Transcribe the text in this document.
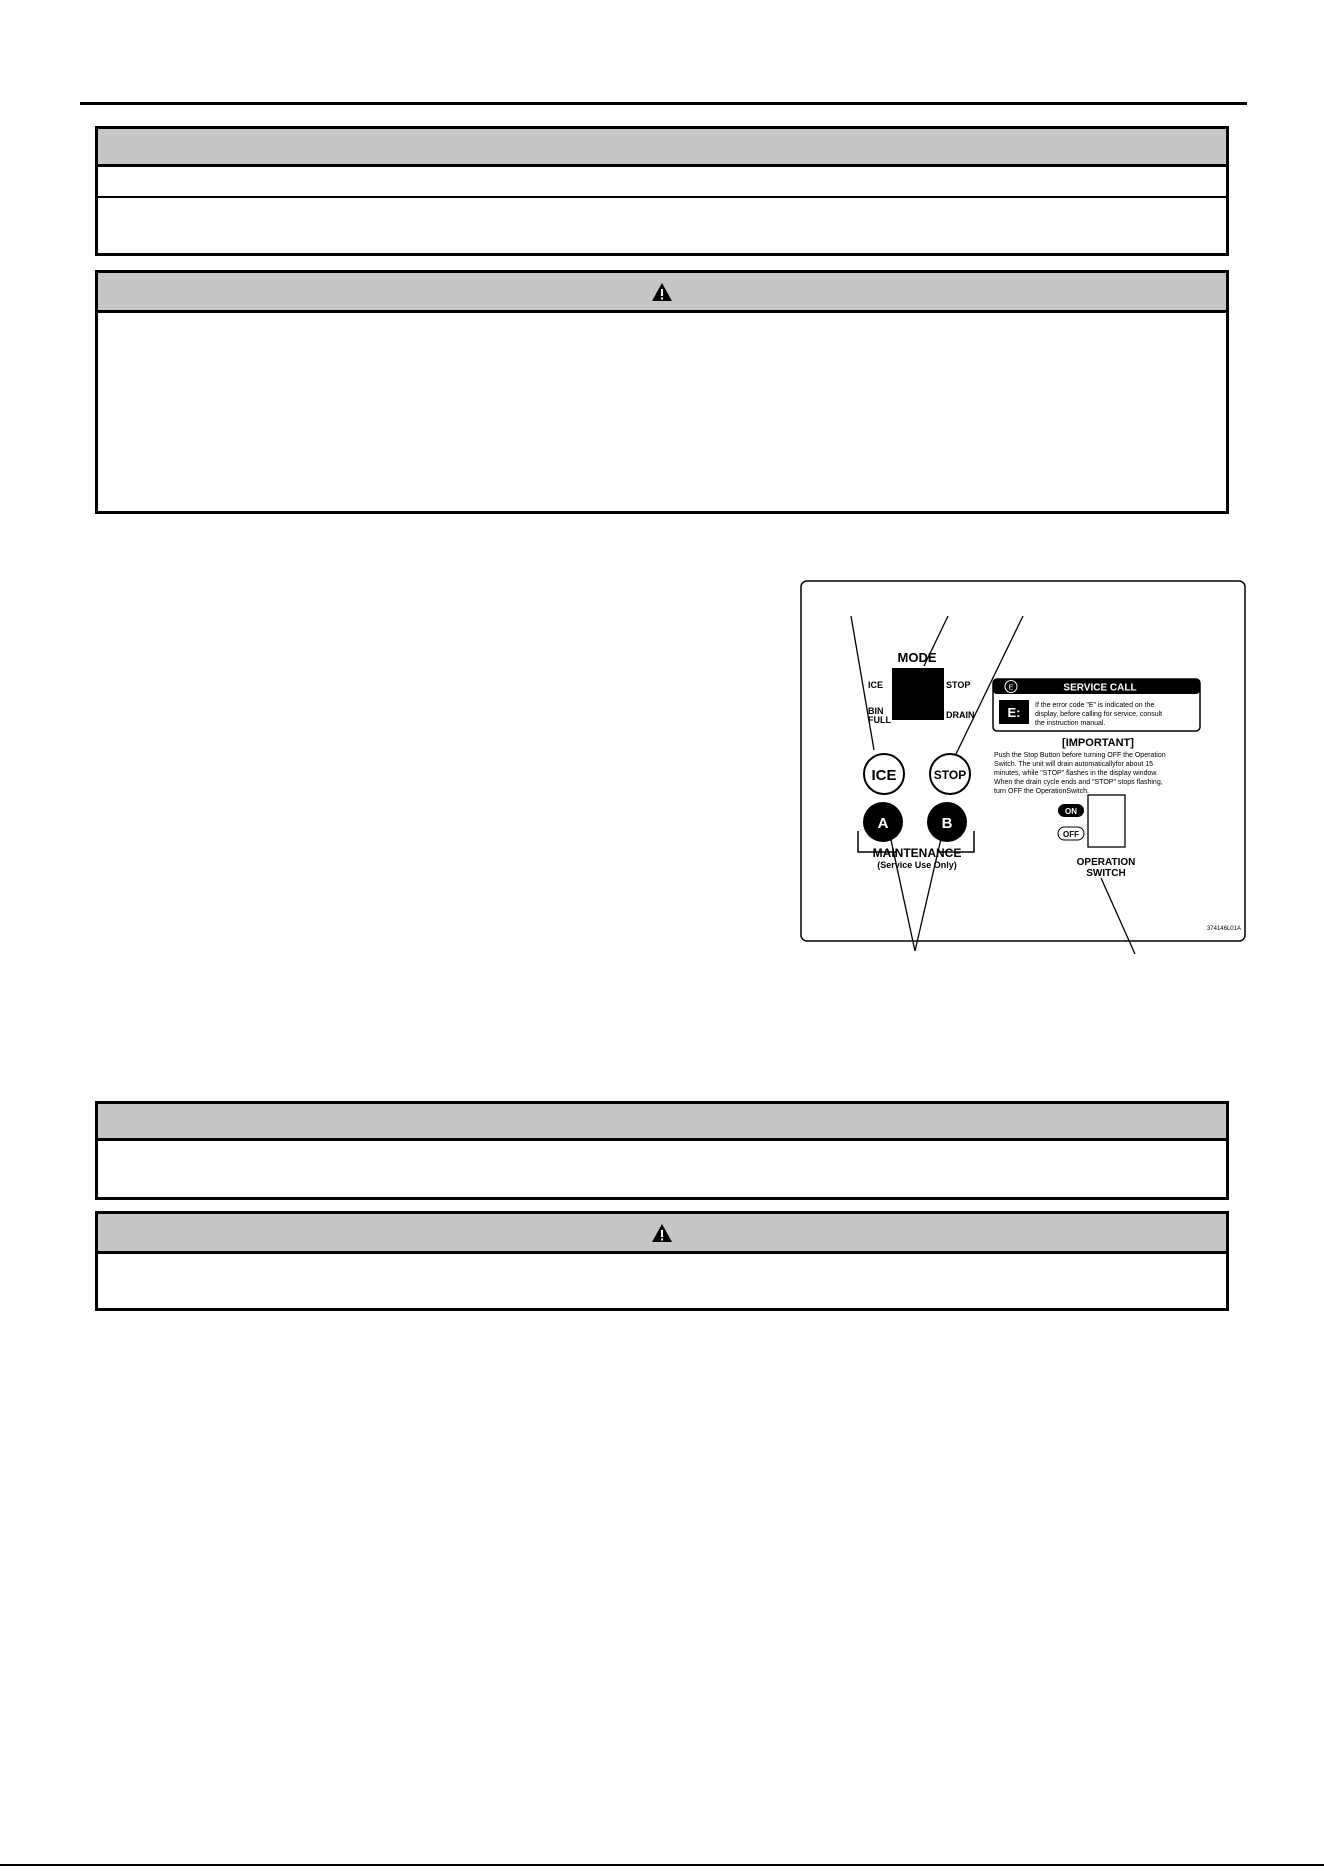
MODE
ICE	STOP
BIN
FULL	DRAIN
ICE	STOP
A	B
MAINTENANCE
(Service Use Only)
E	SERVICE CALL
E: If the error code "E" is indicated on the
display, before calling for service, consult
the instruction manual.
[IMPORTANT]
Push the Stop Button before turning OFF the Operation
Switch. The unit will drain automaticallyfor about 15
minutes, while "STOP" flashes in the display window.
When the drain cycle ends and "STOP" stops flashing,
turn OFF the OperationSwitch.
ON
OFF
OPERATION
SWITCH
374146L01A
